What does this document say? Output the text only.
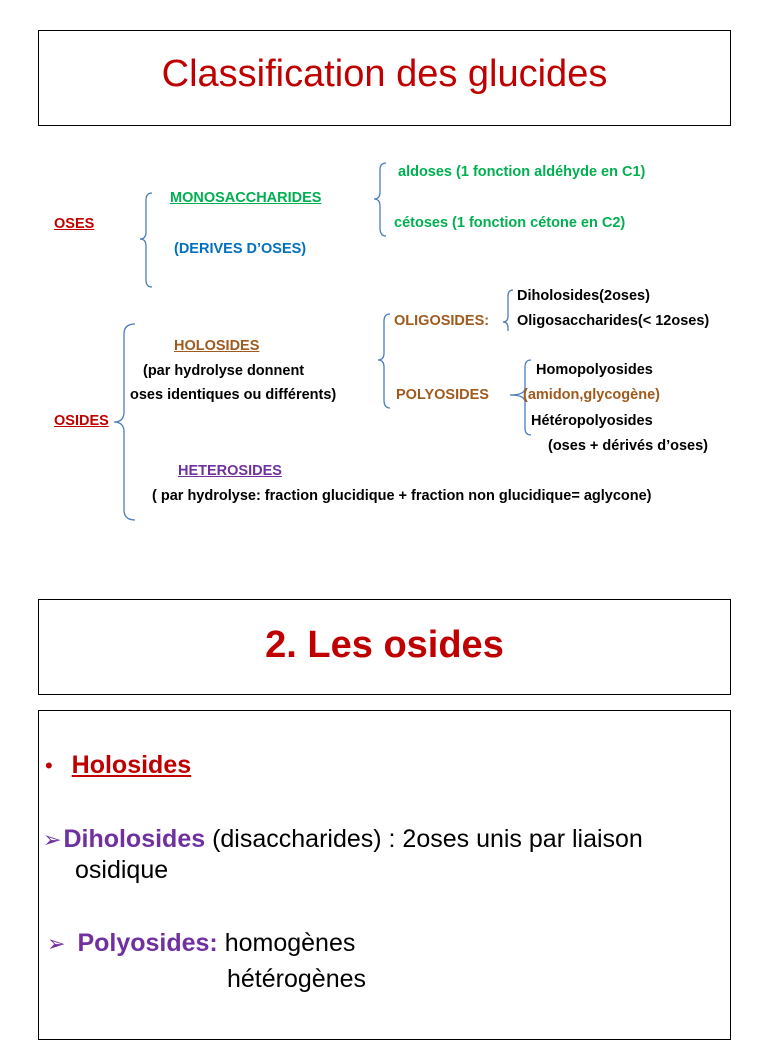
Classification des glucides
OSES
MONOSACCHARIDES
(DERIVES D’OSES)
aldoses (1 fonction aldéhyde en C1)
cétoses (1 fonction cétone en C2)
OSIDES
HOLOSIDES
(par hydrolyse donnent
oses identiques ou différents)
OLIGOSIDES:
Diholosides(2oses)
Oligosaccharides(< 12oses)
POLYOSIDES
Homopolyosides
(amidon,glycogène)
Hétéropolyosides
(oses + dérivés d’oses)
HETEROSIDES
( par hydrolyse: fraction glucidique + fraction non glucidique= aglycone)
2. Les osides
• Holosides
➢Diholosides (disaccharides) : 2oses unis par liaison
osidique
➢ Polyosides: homogènes
hétérogènes
